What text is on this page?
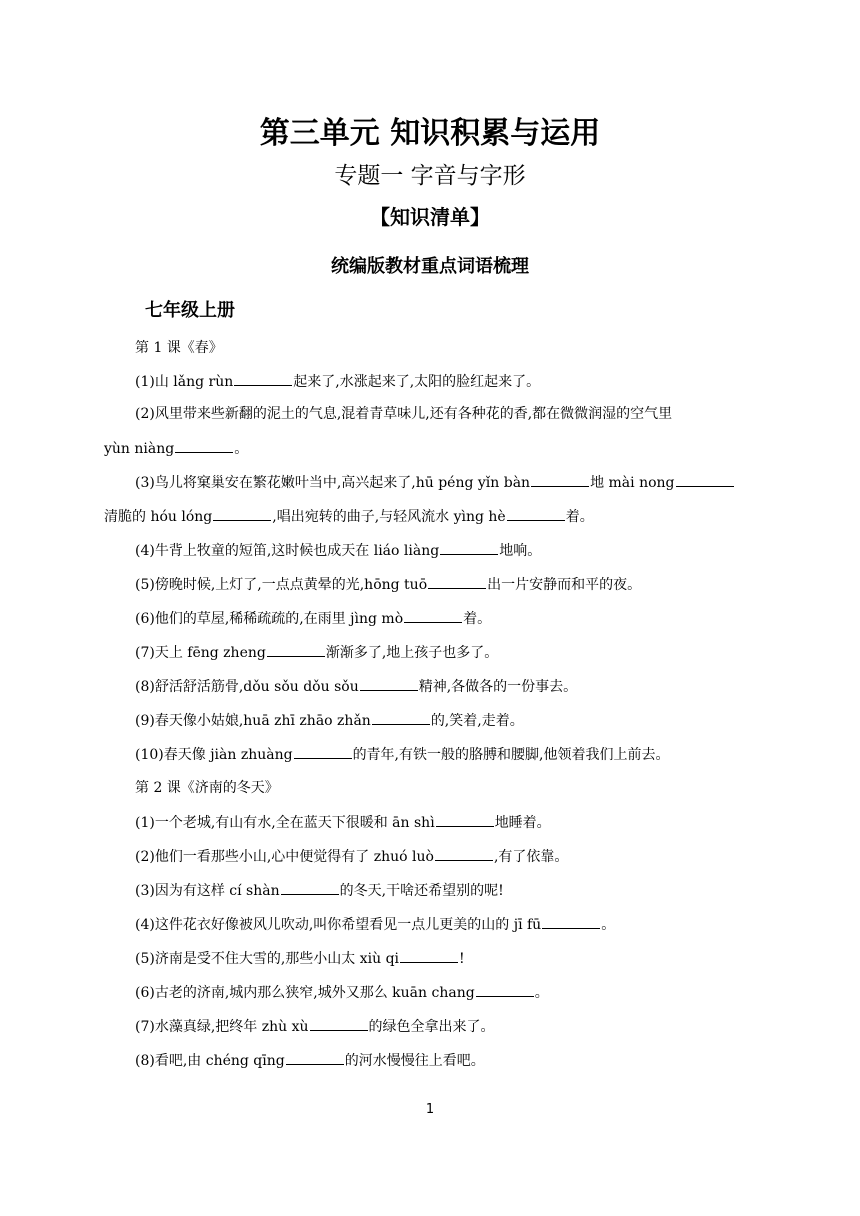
第三单元 知识积累与运用
专题一 字音与字形
【知识清单】
统编版教材重点词语梳理
七年级上册
第 1 课《春》
(1)山 lǎng rùn	起来了,水涨起来了,太阳的脸红起来了。
(2)风里带来些新翻的泥土的气息,混着青草味儿,还有各种花的香,都在微微润湿的空气里
yùn niàng	。
(3)鸟儿将窠巢安在繁花嫩叶当中,高兴起来了,hū péng yǐn bàn	地 mài nong
清脆的 hóu lóng	,唱出宛转的曲子,与轻风流水 yìng hè	着。
(4)牛背上牧童的短笛,这时候也成天在 liáo liàng	地响。
(5)傍晚时候,上灯了,一点点黄晕的光,hōng tuō	出一片安静而和平的夜。
(6)他们的草屋,稀稀疏疏的,在雨里 jìng mò	着。
(7)天上 fēng zheng	渐渐多了,地上孩子也多了。
(8)舒活舒活筋骨,dǒu sǒu dǒu sǒu	精神,各做各的一份事去。
(9)春天像小姑娘,huā zhī zhāo zhǎn	的,笑着,走着。
(10)春天像 jiàn zhuàng	的青年,有铁一般的胳膊和腰脚,他领着我们上前去。
第 2 课《济南的冬天》
(1)一个老城,有山有水,全在蓝天下很暖和 ān shì	地睡着。
(2)他们一看那些小山,心中便觉得有了 zhuó luò	,有了依靠。
(3)因为有这样 cí shàn	的冬天,干啥还希望别的呢!
(4)这件花衣好像被风儿吹动,叫你希望看见一点儿更美的山的 jī fū	。
(5)济南是受不住大雪的,那些小山太 xiù qi	!
(6)古老的济南,城内那么狭窄,城外又那么 kuān chang	。
(7)水藻真绿,把终年 zhù xù	的绿色全拿出来了。
(8)看吧,由 chéng qīng	的河水慢慢往上看吧。
1
